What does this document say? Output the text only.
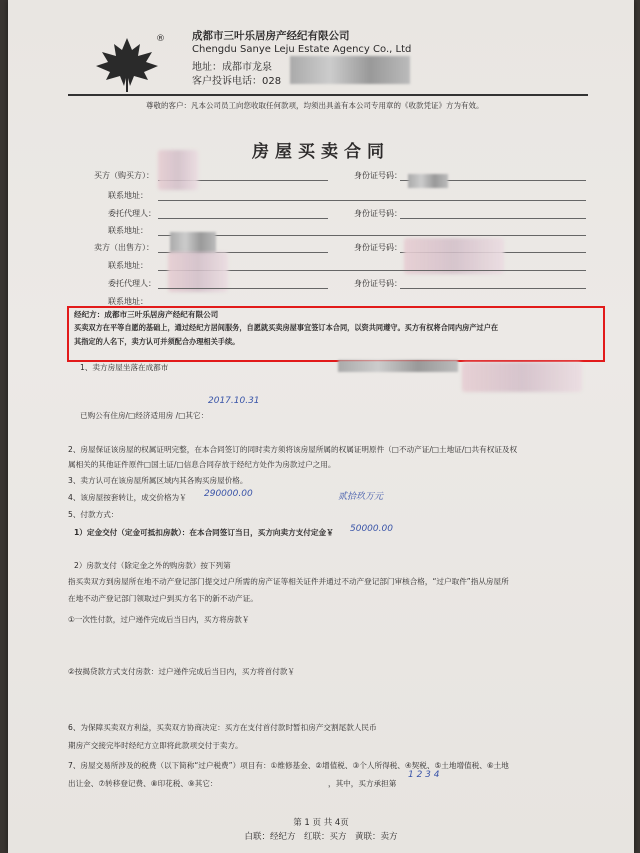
®	成都市三叶乐居房产经纪有限公司
Chengdu Sanye Leju Estate Agency Co., Ltd
地址：成都市龙泉
客户投诉电话：028
尊敬的客户：凡本公司员工向您收取任何款项，均须出具盖有本公司专用章的《收款凭证》方为有效。
房屋买卖合同
买方（购买方）：	身份证号码：
联系地址：
委托代理人：	身份证号码：
联系地址：
卖方（出售方）：	身份证号码：
联系地址：
委托代理人：	身份证号码：
联系地址：
经纪方：成都市三叶乐居房产经纪有限公司
买卖双方在平等自愿的基础上，通过经纪方居间服务，自愿就买卖房屋事宜签订本合同，以资共同遵守。买方有权将合同内房产过户在
其指定的人名下，卖方认可并须配合办理相关手续。
1、卖方房屋坐落在成都市
2017.10.31
已购公有住房/□经济适用房 /□其它：
2、房屋保证该房屋的权属证明完整，在本合同签订的同时卖方须将该房屋所属的权属证明原件（□不动产证/□土地证/□共有权证及权
属相关的其他证件原件□国土证/□信息合同存放于经纪方处作为房款过户之用。
3、卖方认可在该房屋所属区域内其各购买房屋价格。
4、该房屋按套转让，成交价格为￥ 290000.00	贰拾玖万元
5、付款方式：
1）定金交付（定金可抵扣房款）：在本合同签订当日，买方向卖方支付定金￥ 50000.00
2）房款支付（除定金之外的购房款）按下列第
指买卖双方到房屋所在地不动产登记部门提交过户所需的房产证等相关证件并通过不动产登记部门审核合格，“过户取件”指从房屋所
在地不动产登记部门领取过户到买方名下的新不动产证。
①一次性付款，过户递件完成后当日内，买方将房款￥
②按揭贷款方式支付房款：过户递件完成后当日内，买方将首付款￥
6、为保障买卖双方利益，买卖双方协商决定：买方在支付首付款时暂扣房产交割尾款人民币
期房产交接完毕时经纪方立即将此款项交付于卖方。
7、房屋交易所涉及的税费（以下简称“过户税费”）项目有：①维修基金、②增值税、③个人所得税、④契税、⑤土地增值税、⑥土地
出让金、⑦转移登记费、⑧印花税、⑨其它：	，其中，买方承担第
1 2 3 4
第 1 页 共 4页
白联：经纪方　红联：买方　黄联：卖方
